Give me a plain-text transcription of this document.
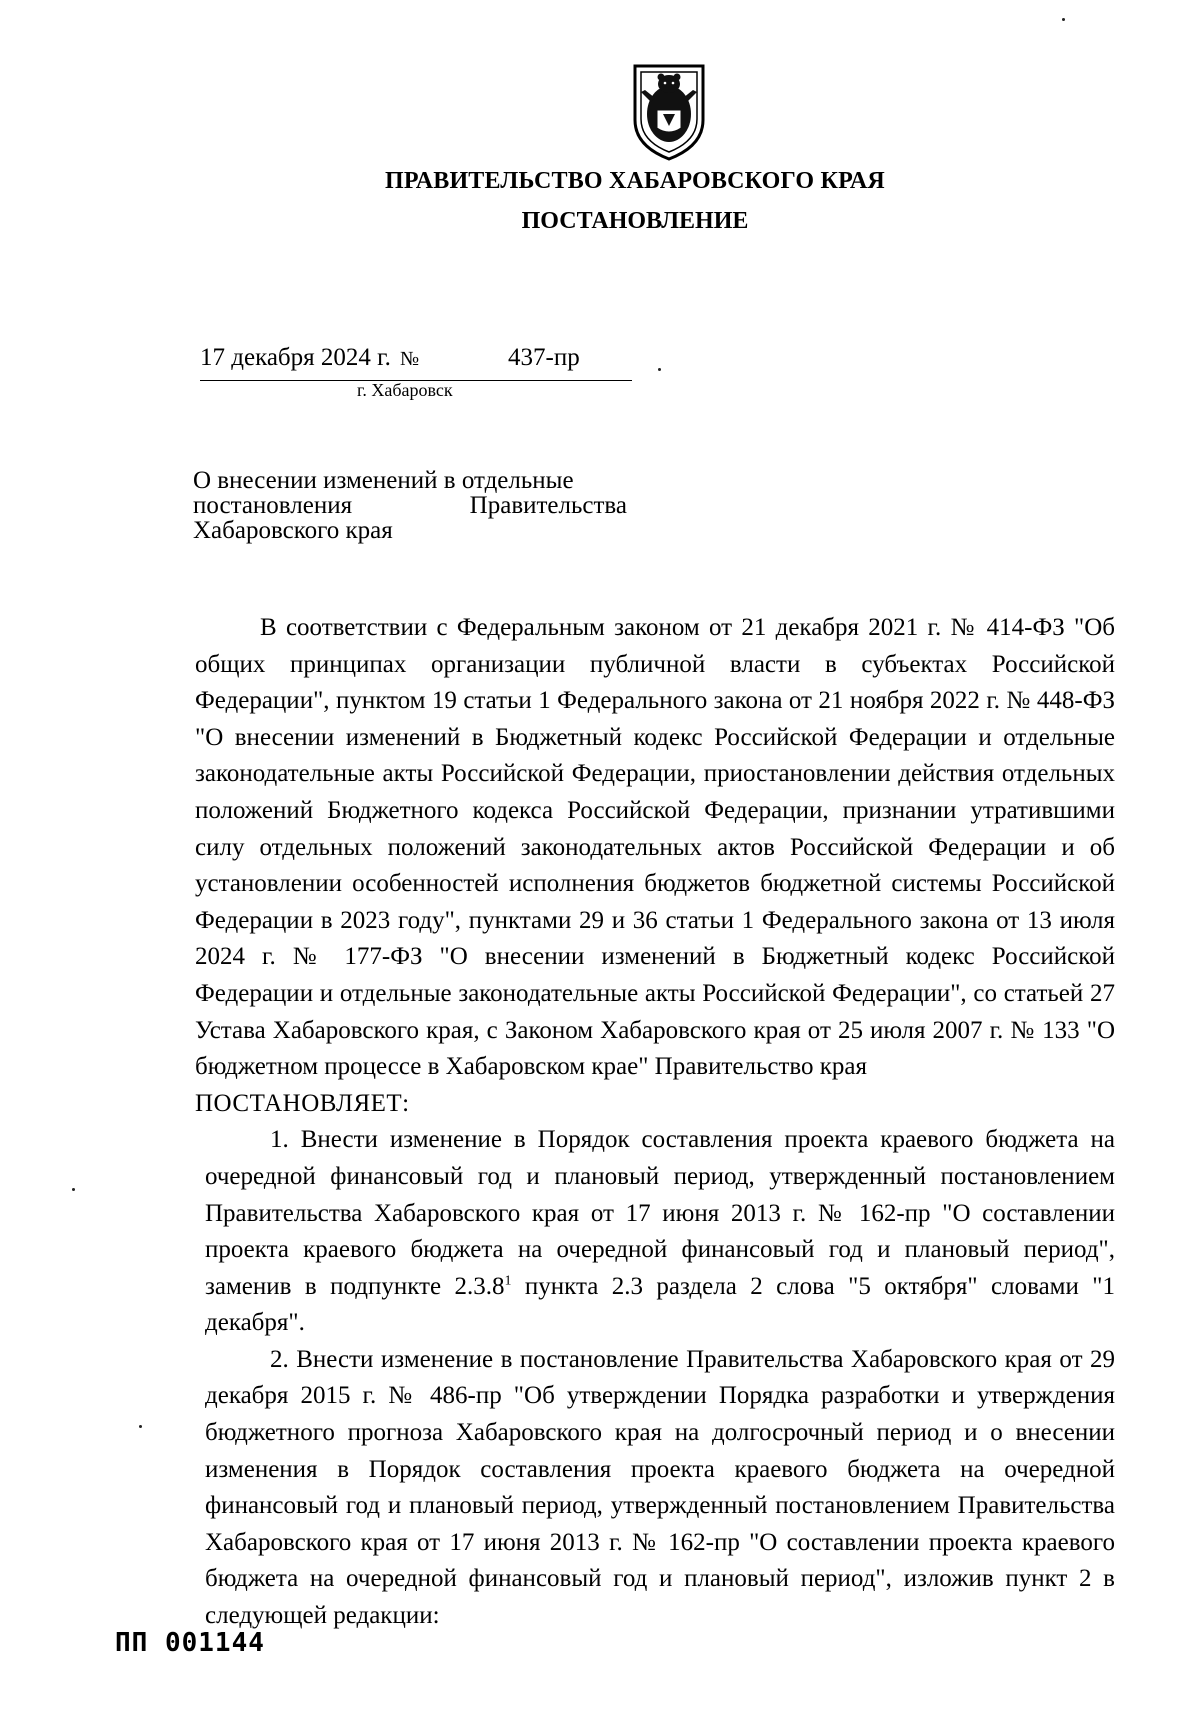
ПРАВИТЕЛЬСТВО ХАБАРОВСКОГО КРАЯ
ПОСТАНОВЛЕНИЕ
17 декабря 2024 г. №	437-пр
г. Хабаровск
О внесении изменений в отдельные
постановления	Правительства
Хабаровского края

В соответствии с Федеральным законом от 21 декабря 2021 г. № 414-ФЗ "Об общих принципах организации публичной власти в субъектах Российской Федерации", пунктом 19 статьи 1 Федерального закона от 21 ноября 2022 г. № 448-ФЗ "О внесении изменений в Бюджетный кодекс Российской Федерации и отдельные законодательные акты Российской Федерации, приостановлении действия отдельных положений Бюджетного кодекса Российской Федерации, признании утратившими силу отдельных положений законодательных актов Российской Федерации и об установлении особенностей исполнения бюджетов бюджетной системы Российской Федерации в 2023 году", пунктами 29 и 36 статьи 1 Федерального закона от 13 июля 2024 г. № 177-ФЗ "О внесении изменений в Бюджетный кодекс Российской Федерации и отдельные законодательные акты Российской Федерации", со статьей 27 Устава Хабаровского края, с Законом Хабаровского края от 25 июля 2007 г. № 133 "О бюджетном процессе в Хабаровском крае" Правительство края

ПОСТАНОВЛЯЕТ:

1. Внести изменение в Порядок составления проекта краевого бюджета на очередной финансовый год и плановый период, утвержденный постановлением Правительства Хабаровского края от 17 июня 2013 г. № 162-пр "О составлении проекта краевого бюджета на очередной финансовый год и плановый период", заменив в подпункте 2.3.8$^1$ пункта 2.3 раздела 2 слова "5 октября" словами "1 декабря".

2. Внести изменение в постановление Правительства Хабаровского края от 29 декабря 2015 г. № 486-пр "Об утверждении Порядка разработки и утверждения бюджетного прогноза Хабаровского края на долгосрочный период и о внесении изменения в Порядок составления проекта краевого бюджета на очередной финансовый год и плановый период, утвержденный постановлением Правительства Хабаровского края от 17 июня 2013 г. № 162-пр "О составлении проекта краевого бюджета на очередной финансовый год и плановый период", изложив пункт 2 в следующей редакции:

ПП 001144
